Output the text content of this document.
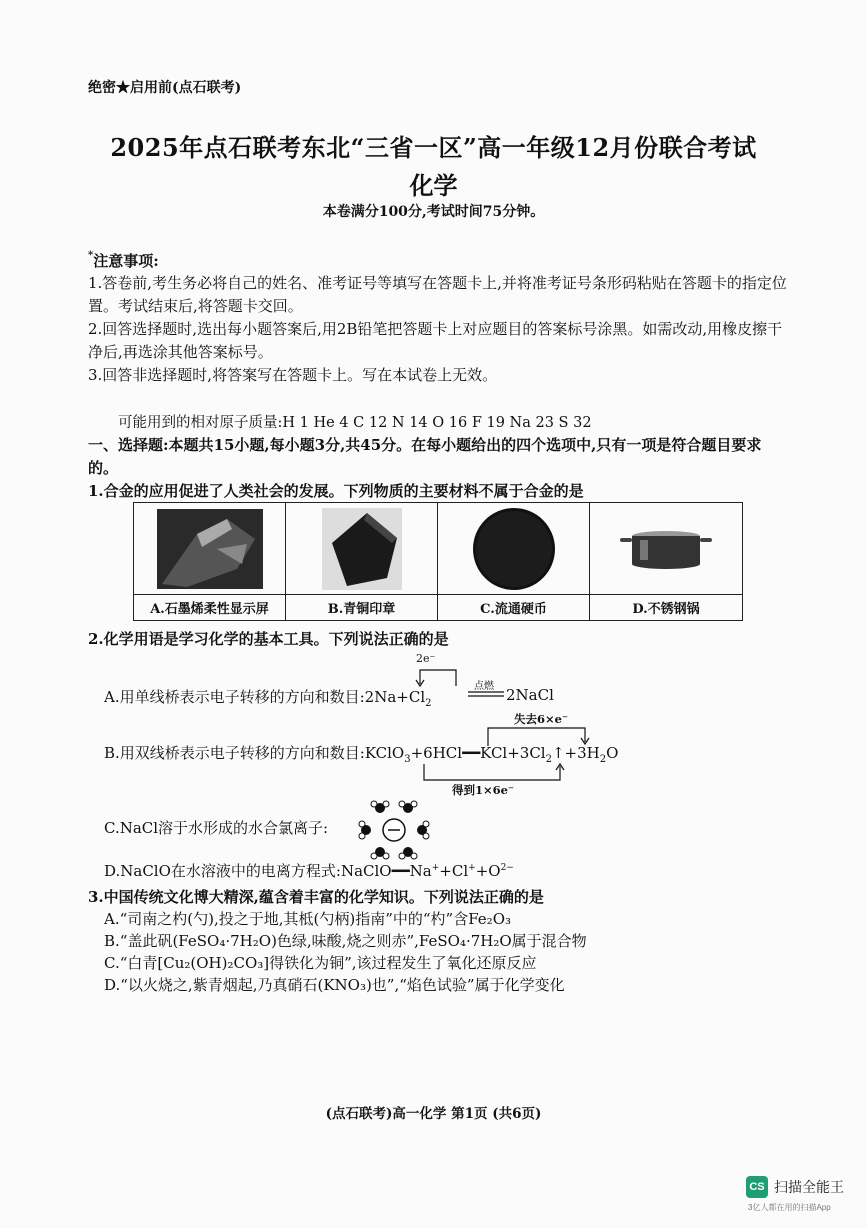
绝密★启用前(点石联考)
2025年点石联考东北“三省一区”高一年级12月份联合考试
化学
本卷满分100分,考试时间75分钟。
*注意事项:
1.答卷前,考生务必将自己的姓名、准考证号等填写在答题卡上,并将准考证号条形码粘贴在答题卡的指定位置。考试结束后,将答题卡交回。
2.回答选择题时,选出每小题答案后,用2B铅笔把答题卡上对应题目的答案标号涂黑。如需改动,用橡皮擦干净后,再选涂其他答案标号。
3.回答非选择题时,将答案写在答题卡上。写在本试卷上无效。
可能用到的相对原子质量:H 1 He 4 C 12 N 14 O 16 F 19 Na 23 S 32
一、选择题:本题共15小题,每小题3分,共45分。在每小题给出的四个选项中,只有一项是符合题目要求的。
1.合金的应用促进了人类社会的发展。下列物质的主要材料不属于合金的是
A.石墨烯柔性显示屏	B.青铜印章	C.流通硬币	D.不锈钢锅
2.化学用语是学习化学的基本工具。下列说法正确的是
2e⁻
A.用单线桥表示电子转移的方向和数目$:2Na+Cl_2$
点燃 2NaCl
失去6×e⁻
B.用双线桥表示电子转移的方向和数目$:KClO_3+6HCl━━KCl+3Cl_2↑+3H_2O$
得到1×6e⁻
C.NaCl溶于水形成的水合氯离子:
D.NaClO在水溶液中的电离方程式$:NaClO━━Na^++Cl^++O^{2-}$
3.中国传统文化博大精深,蕴含着丰富的化学知识。下列说法正确的是
A.“司南之杓(勺),投之于地,其柢(勺柄)指南”中的“杓”含Fe₂O₃
B.“盖此矾(FeSO₄·7H₂O)色绿,味酸,烧之则赤”,FeSO₄·7H₂O属于混合物
C.“白青[Cu₂(OH)₂CO₃]得铁化为铜”,该过程发生了氧化还原反应
D.“以火烧之,紫青烟起,乃真硝石(KNO₃)也”,“焰色试验”属于化学变化
(点石联考)高一化学 第1页 (共6页)
CS 扫描全能王
3亿人都在用的扫描App
